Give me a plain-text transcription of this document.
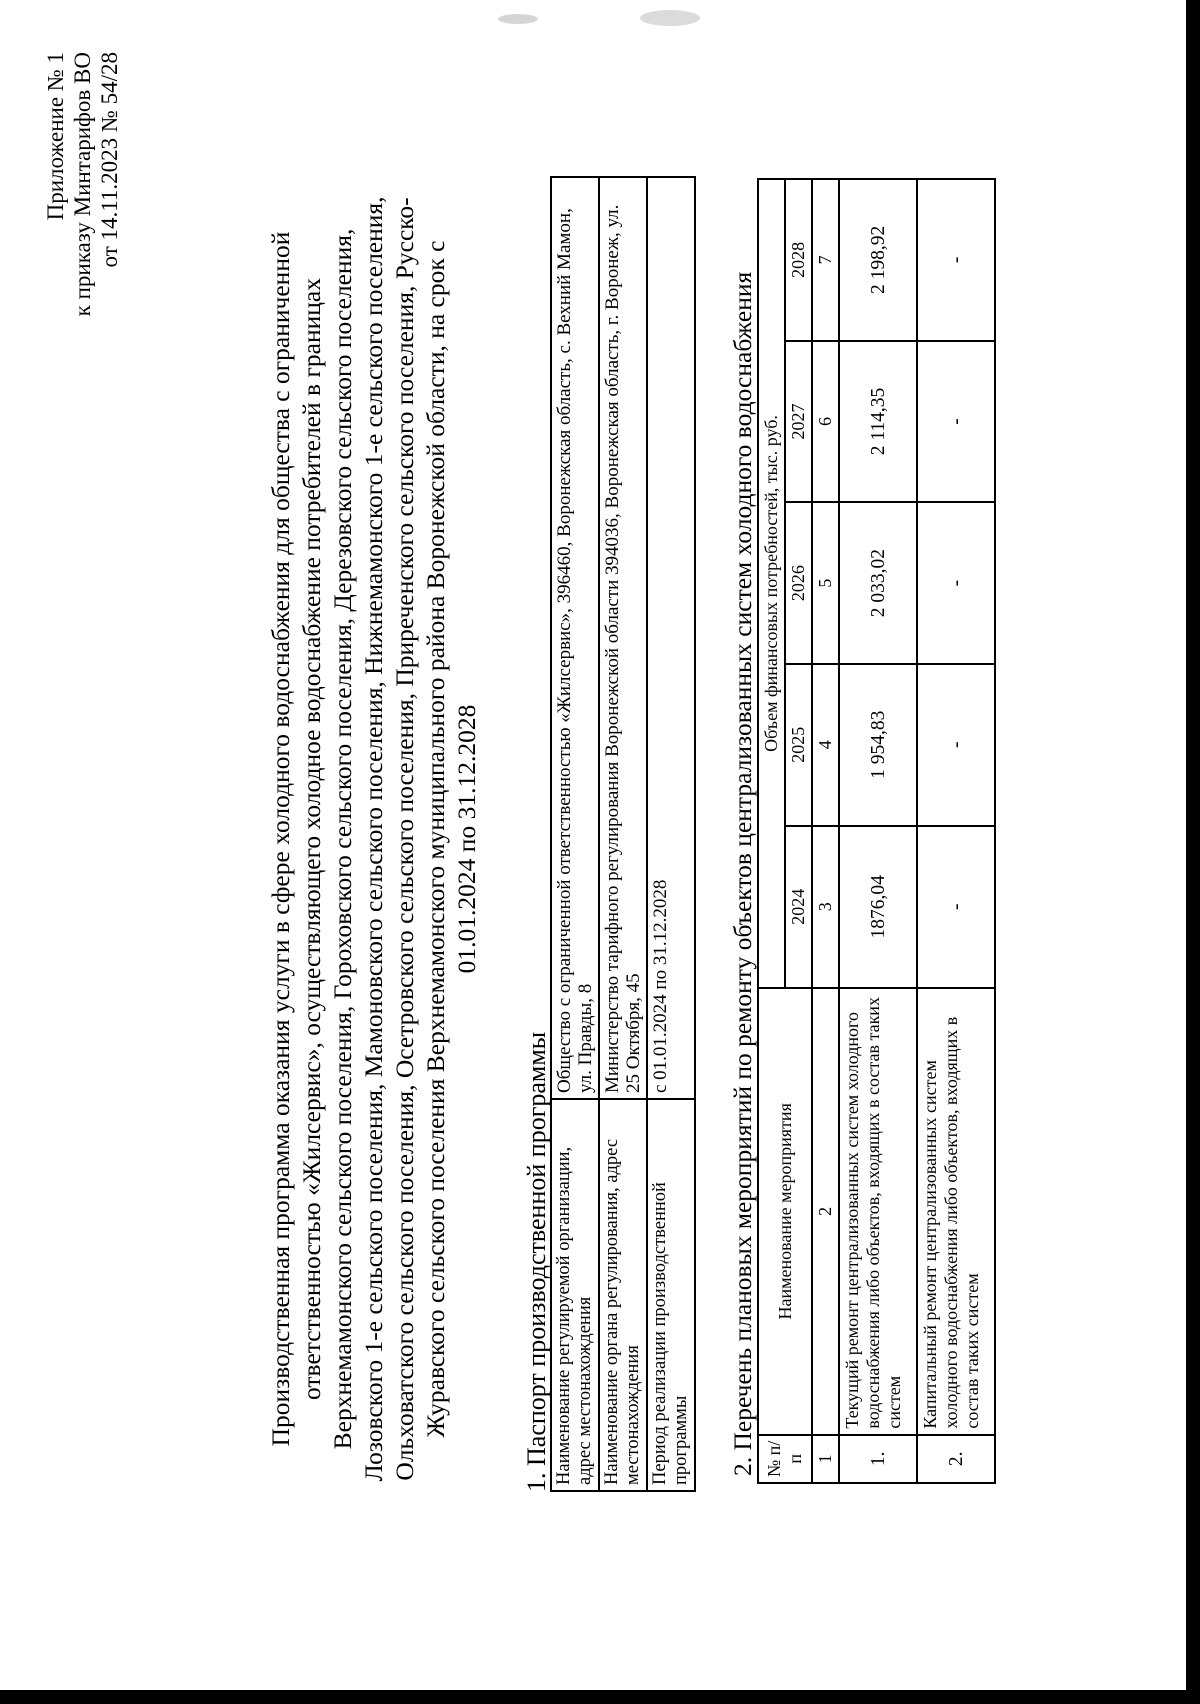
Приложение № 1 к приказу Минтарифов ВО от 14.11.2023 № 54/28
Производственная программа оказания услуги в сфере холодного водоснабжения для общества с ограниченной ответственностью «Жилсервис», осуществляющего холодное водоснабжение потребителей в границах Верхнемамонского сельского поселения, Гороховского сельского поселения, Дерезовского сельского поселения, Лозовского 1-е сельского поселения, Мамоновского сельского поселения, Нижнемамонского 1-е сельского поселения, Ольховатского сельского поселения, Осетровского сельского поселения, Приреченского сельского поселения, Русско- Журавского сельского поселения Верхнемамонского муниципального района Воронежской области, на срок с 01.01.2024 по 31.12.2028
1. Паспорт производственной программы Наименование регулируемой организации, адрес местонахождения	Общество с ограниченной ответственностью «Жилсервис», 396460, Воронежская область, с. Вехний Мамон, ул. Правды, 8
Наименование органа регулирования, адрес местонахождения	Министерство тарифного регулирования Воронежской области 394036, Воронежская область, г. Воронеж, ул. 25 Октября, 45
Период реализации производственной программы	с 01.01.2024 по 31.12.2028 2. Перечень плановых мероприятий по ремонту объектов централизованных систем холодного водоснабжения № п/п	Наименование мероприятия	Объем финансовых потребностей, тыс. руб.				
		2024	2025	2026	2027	2028
1	2	3	4	5	6	7
1.	Текущий ремонт централизованных систем холодного водоснабжения либо объектов, входящих в состав таких систем	1876,04	1 954,83	2 033,02	2 114,35	2 198,92
2.	Капитальный ремонт централизованных систем холодного водоснабжения либо объектов, входящих в состав таких систем	-	-	-	-	-
